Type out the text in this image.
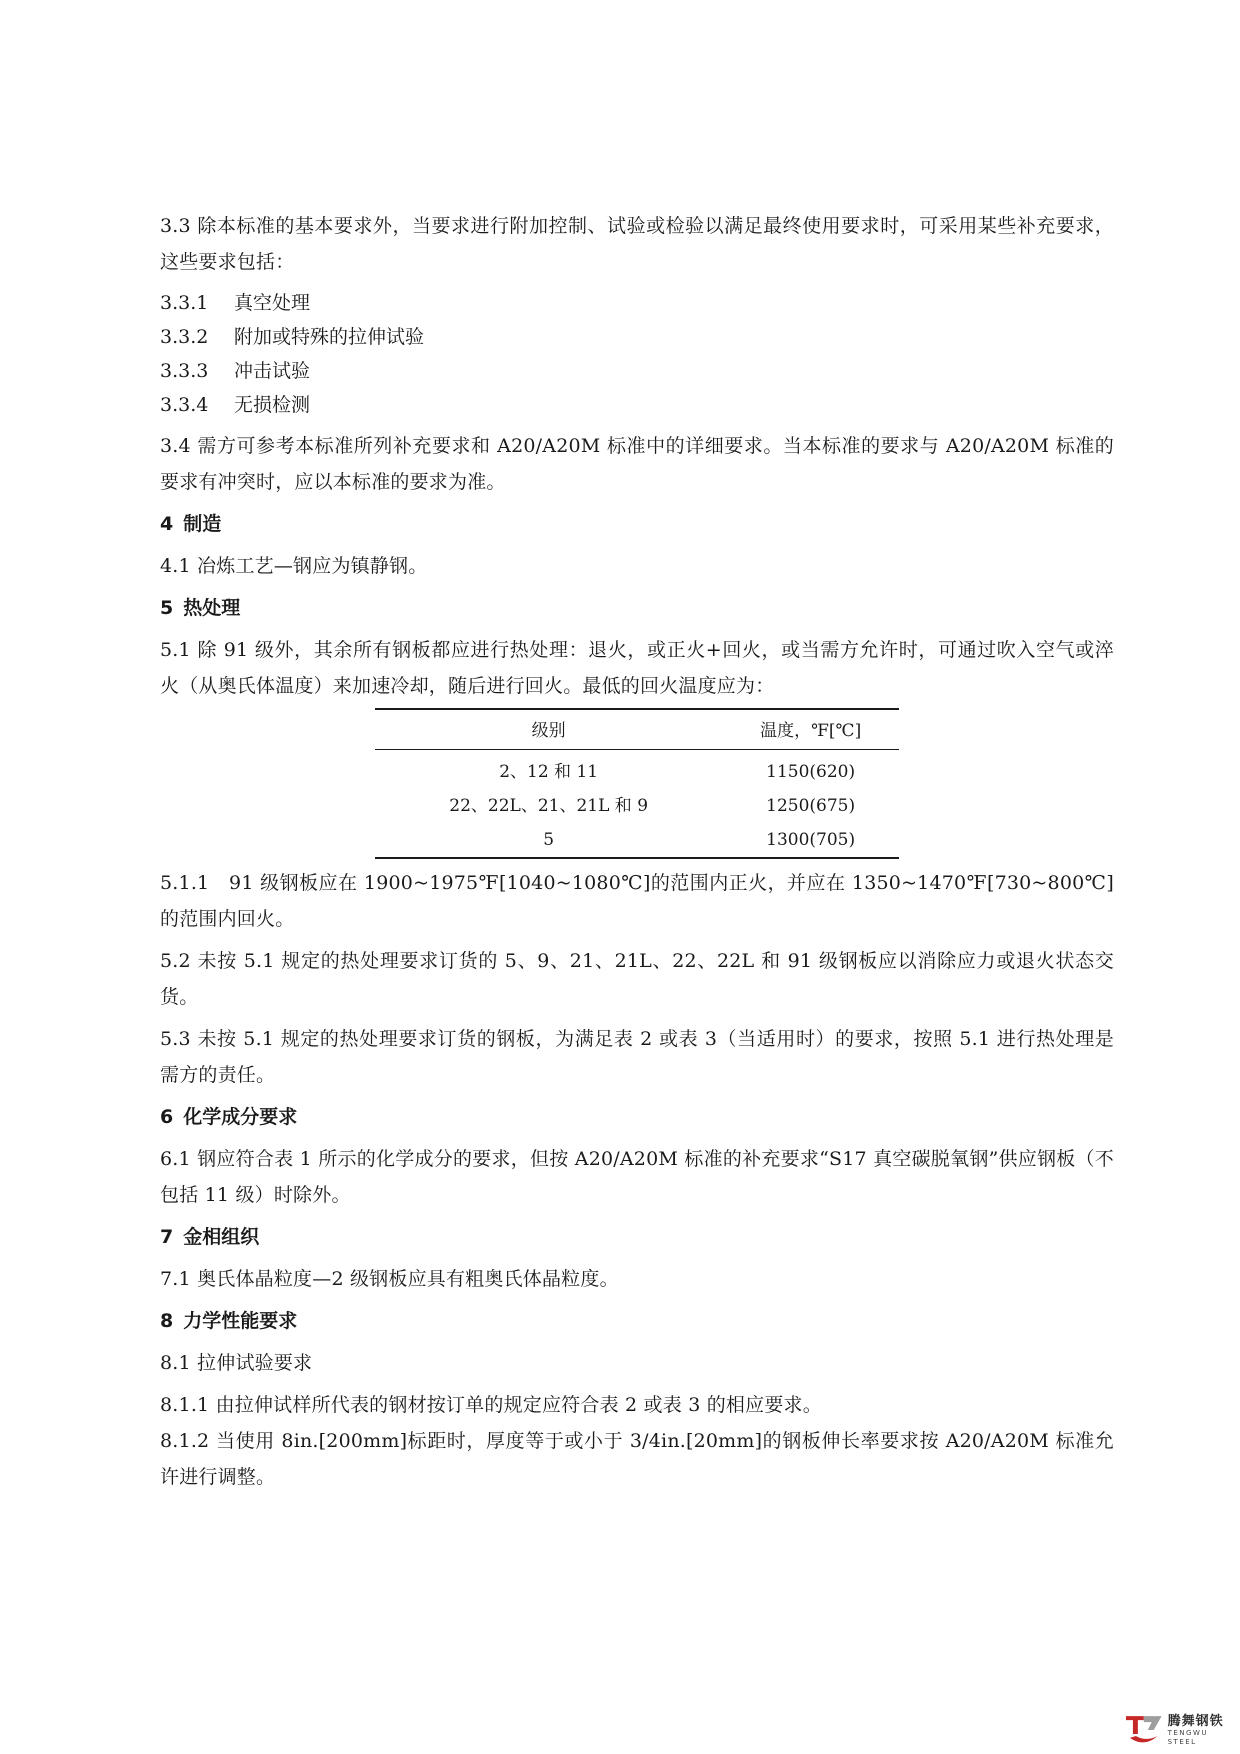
3.3 除本标准的基本要求外，当要求进行附加控制、试验或检验以满足最终使用要求时，可采用某些补充要求，这些要求包括：

3.3.1 真空处理

3.3.2 附加或特殊的拉伸试验

3.3.3 冲击试验

3.3.4 无损检测

3.4 需方可参考本标准所列补充要求和 A20/A20M 标准中的详细要求。当本标准的要求与 A20/A20M 标准的要求有冲突时，应以本标准的要求为准。

4 制造

4.1 冶炼工艺—钢应为镇静钢。

5 热处理

5.1 除 91 级外，其余所有钢板都应进行热处理：退火，或正火+回火，或当需方允许时，可通过吹入空气或淬火（从奥氏体温度）来加速冷却，随后进行回火。最低的回火温度应为：

级别	温度，℉[℃]
2、12 和 11	1150(620)
22、22L、21、21L 和 9	1250(675)
5	1300(705)

5.1.1　91 级钢板应在 1900~1975℉[1040~1080℃]的范围内正火，并应在 1350~1470℉[730~800℃]的范围内回火。

5.2 未按 5.1 规定的热处理要求订货的 5、9、21、21L、22、22L 和 91 级钢板应以消除应力或退火状态交货。

5.3 未按 5.1 规定的热处理要求订货的钢板，为满足表 2 或表 3（当适用时）的要求，按照 5.1 进行热处理是需方的责任。

6 化学成分要求

6.1 钢应符合表 1 所示的化学成分的要求，但按 A20/A20M 标准的补充要求“S17 真空碳脱氧钢”供应钢板（不包括 11 级）时除外。

7 金相组织

7.1 奥氏体晶粒度—2 级钢板应具有粗奥氏体晶粒度。

8 力学性能要求

8.1 拉伸试验要求

8.1.1 由拉伸试样所代表的钢材按订单的规定应符合表 2 或表 3 的相应要求。

8.1.2 当使用 8in.[200mm]标距时，厚度等于或小于 3/4in.[20mm]的钢板伸长率要求按 A20/A20M 标准允许进行调整。

腾舞钢铁
TENGWU STEEL
